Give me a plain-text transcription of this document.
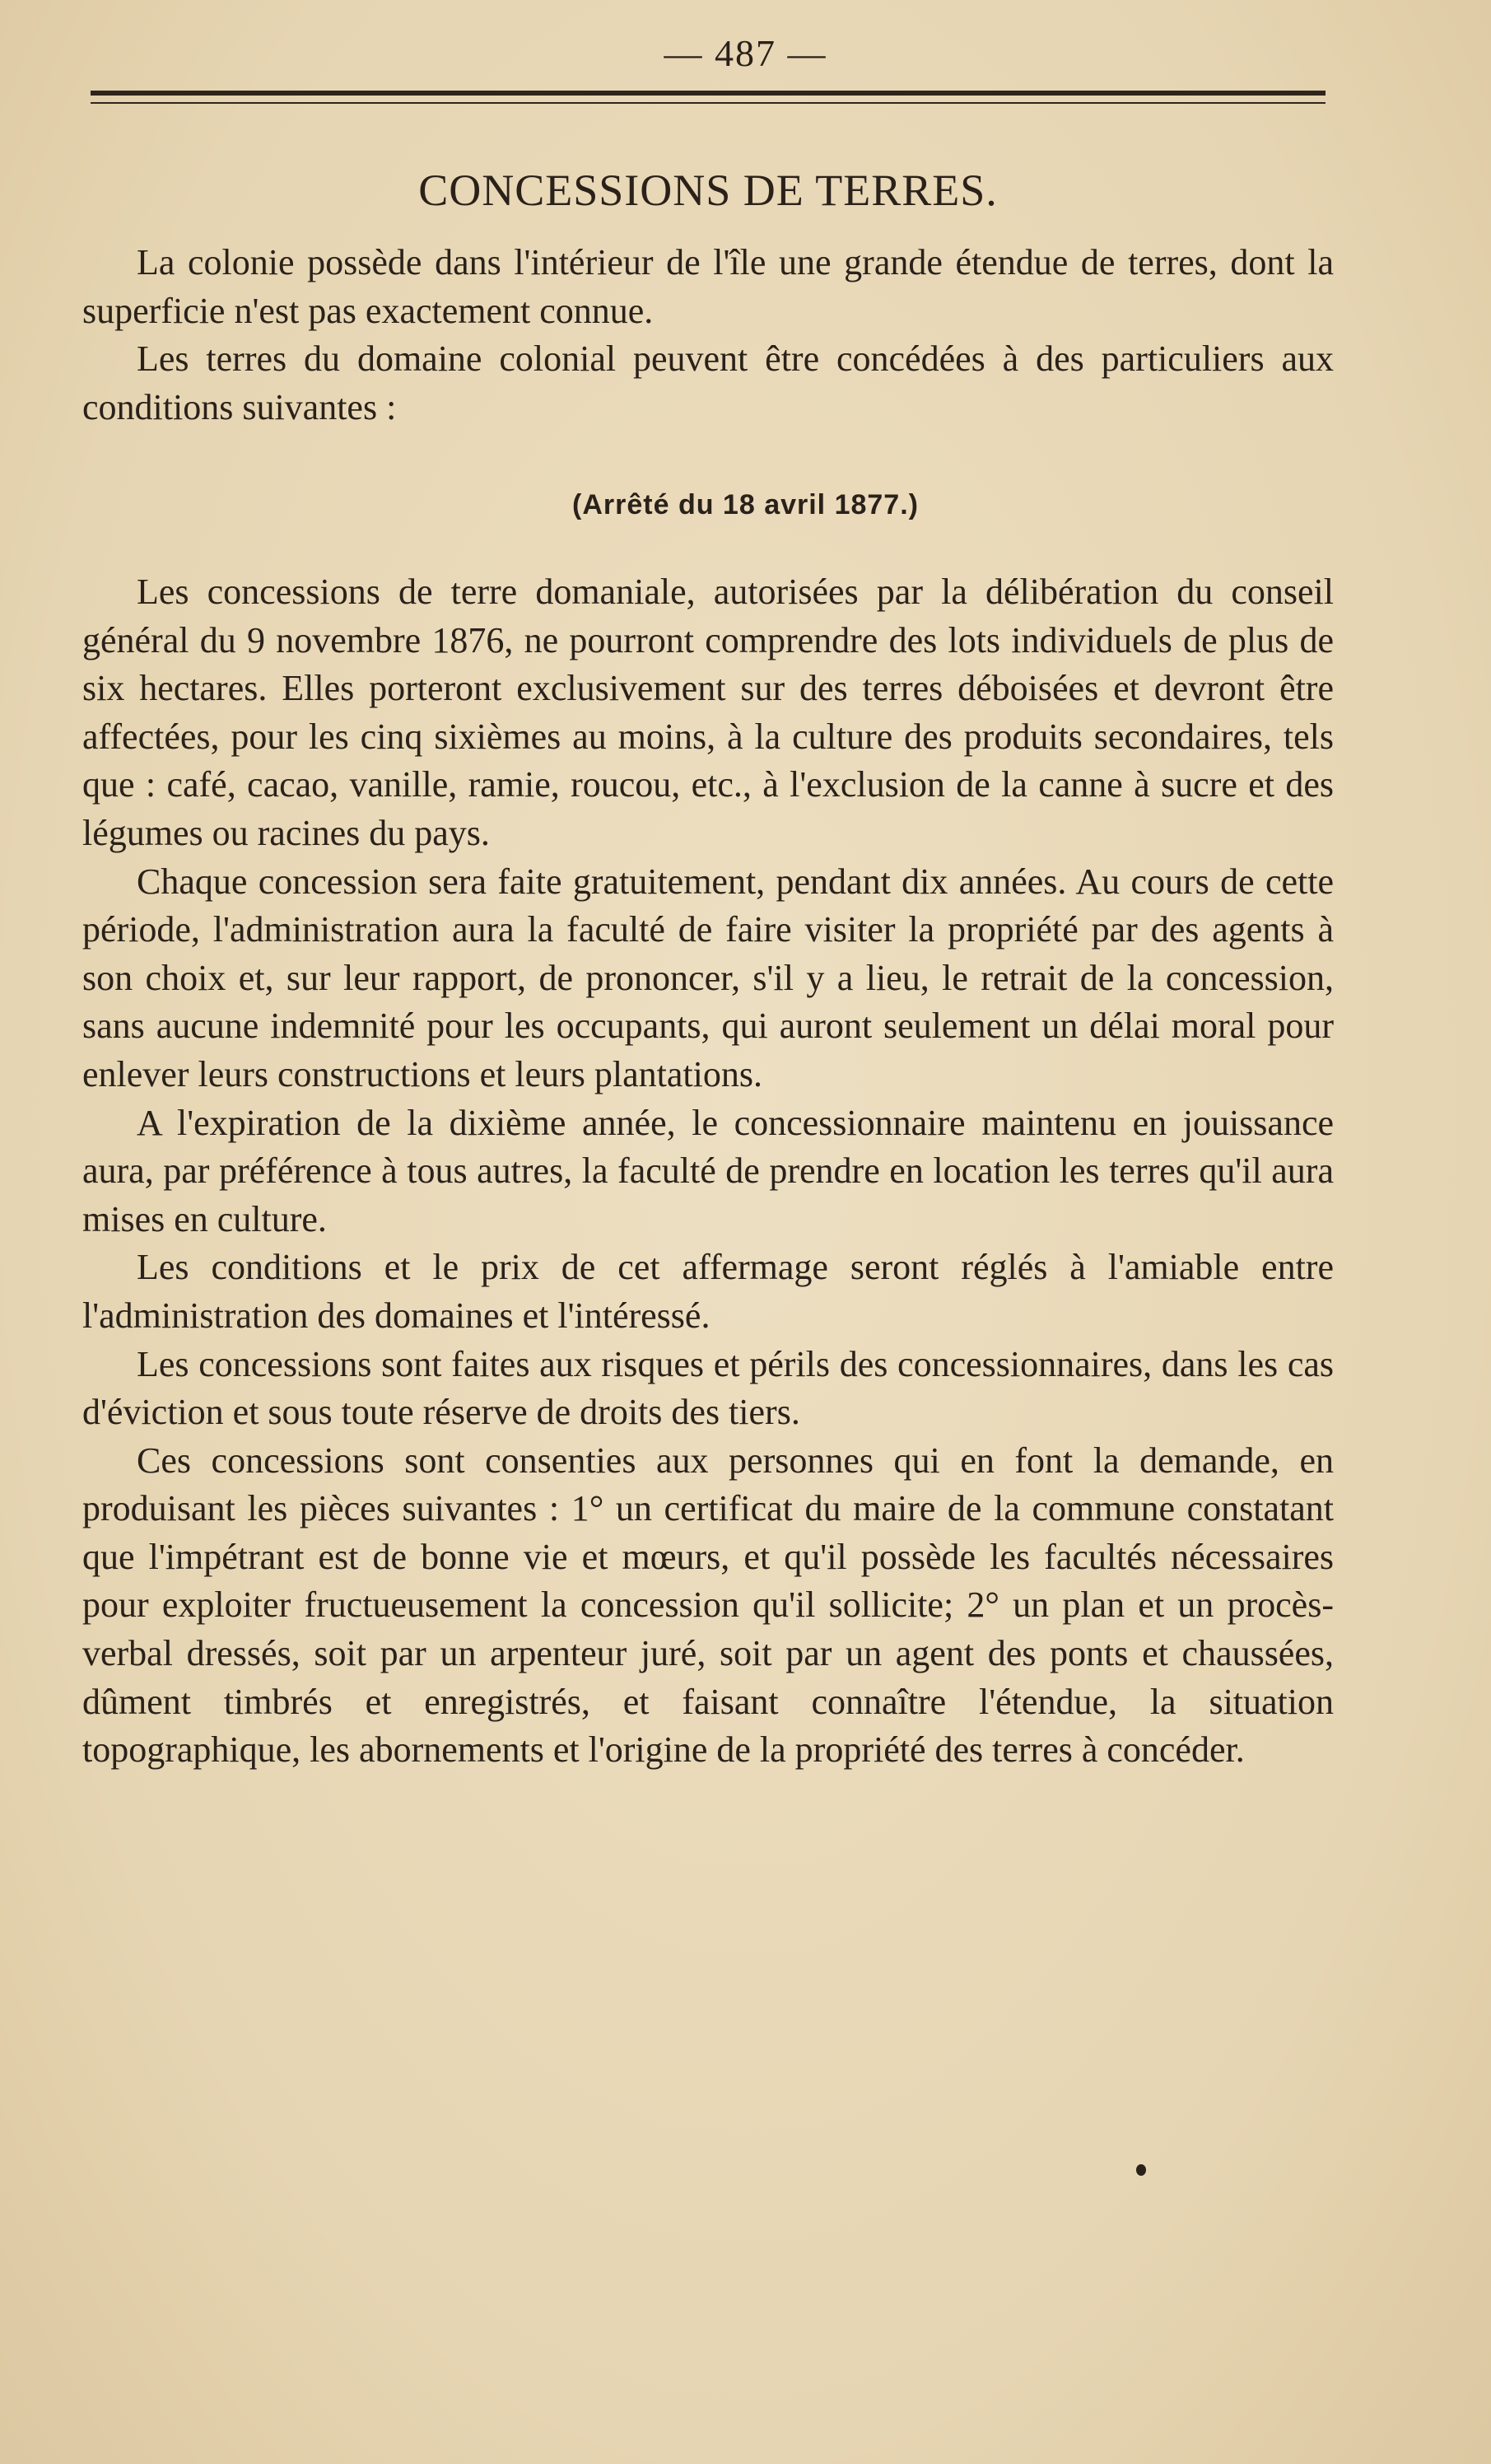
— 487 —
CONCESSIONS DE TERRES.

La colonie possède dans l'intérieur de l'île une grande étendue de terres, dont la superficie n'est pas exactement connue.

Les terres du domaine colonial peuvent être concédées à des particuliers aux conditions suivantes :

(Arrêté du 18 avril 1877.)

Les concessions de terre domaniale, autorisées par la délibération du conseil général du 9 novembre 1876, ne pourront comprendre des lots individuels de plus de six hectares. Elles porteront exclusivement sur des terres déboisées et devront être affectées, pour les cinq sixièmes au moins, à la culture des produits secondaires, tels que : café, cacao, vanille, ramie, roucou, etc., à l'exclusion de la canne à sucre et des légumes ou racines du pays.

Chaque concession sera faite gratuitement, pendant dix années. Au cours de cette période, l'administration aura la faculté de faire visiter la propriété par des agents à son choix et, sur leur rapport, de prononcer, s'il y a lieu, le retrait de la concession, sans aucune indemnité pour les occupants, qui auront seulement un délai moral pour enlever leurs constructions et leurs plantations.

A l'expiration de la dixième année, le concessionnaire maintenu en jouissance aura, par préférence à tous autres, la faculté de prendre en location les terres qu'il aura mises en culture.

Les conditions et le prix de cet affermage seront réglés à l'amiable entre l'administration des domaines et l'intéressé.

Les concessions sont faites aux risques et périls des concessionnaires, dans les cas d'éviction et sous toute réserve de droits des tiers.

Ces concessions sont consenties aux personnes qui en font la demande, en produisant les pièces suivantes : 1° un certificat du maire de la commune constatant que l'impétrant est de bonne vie et mœurs, et qu'il possède les facultés nécessaires pour exploiter fructueusement la concession qu'il sollicite; 2° un plan et un procès-verbal dressés, soit par un arpenteur juré, soit par un agent des ponts et chaussées, dûment timbrés et enregistrés, et faisant connaître l'étendue, la situation topographique, les abornements et l'origine de la propriété des terres à concéder.
